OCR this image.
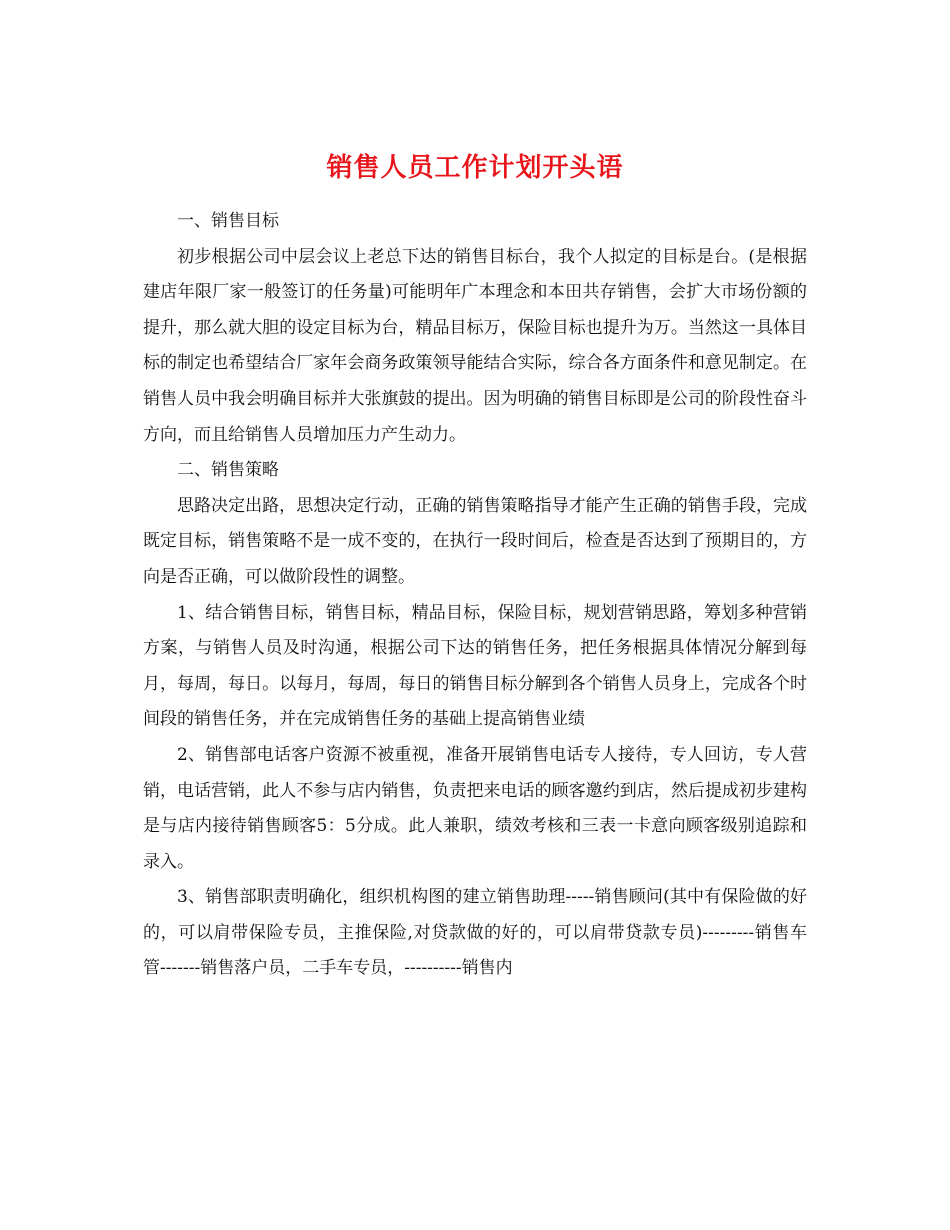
销售人员工作计划开头语

一、销售目标

初步根据公司中层会议上老总下达的销售目标台，我个人拟定的目标是台。(是根据建店年限厂家一般签订的任务量)可能明年广本理念和本田共存销售，会扩大市场份额的提升，那么就大胆的设定目标为台，精品目标万，保险目标也提升为万。当然这一具体目标的制定也希望结合厂家年会商务政策领导能结合实际，综合各方面条件和意见制定。在销售人员中我会明确目标并大张旗鼓的提出。因为明确的销售目标即是公司的阶段性奋斗方向，而且给销售人员增加压力产生动力。

二、销售策略

思路决定出路，思想决定行动，正确的销售策略指导才能产生正确的销售手段，完成既定目标，销售策略不是一成不变的，在执行一段时间后，检查是否达到了预期目的，方向是否正确，可以做阶段性的调整。

1、结合销售目标，销售目标，精品目标，保险目标，规划营销思路，筹划多种营销方案，与销售人员及时沟通，根据公司下达的销售任务，把任务根据具体情况分解到每月，每周，每日。以每月，每周，每日的销售目标分解到各个销售人员身上，完成各个时间段的销售任务，并在完成销售任务的基础上提高销售业绩

2、销售部电话客户资源不被重视，准备开展销售电话专人接待，专人回访，专人营销，电话营销，此人不参与店内销售，负责把来电话的顾客邀约到店，然后提成初步建构是与店内接待销售顾客5：5分成。此人兼职，绩效考核和三表一卡意向顾客级别追踪和录入。

3、销售部职责明确化，组织机构图的建立销售助理-----销售顾问(其中有保险做的好的，可以肩带保险专员，主推保险,对贷款做的好的，可以肩带贷款专员)---------销售车管-------销售落户员，二手车专员，----------销售内
